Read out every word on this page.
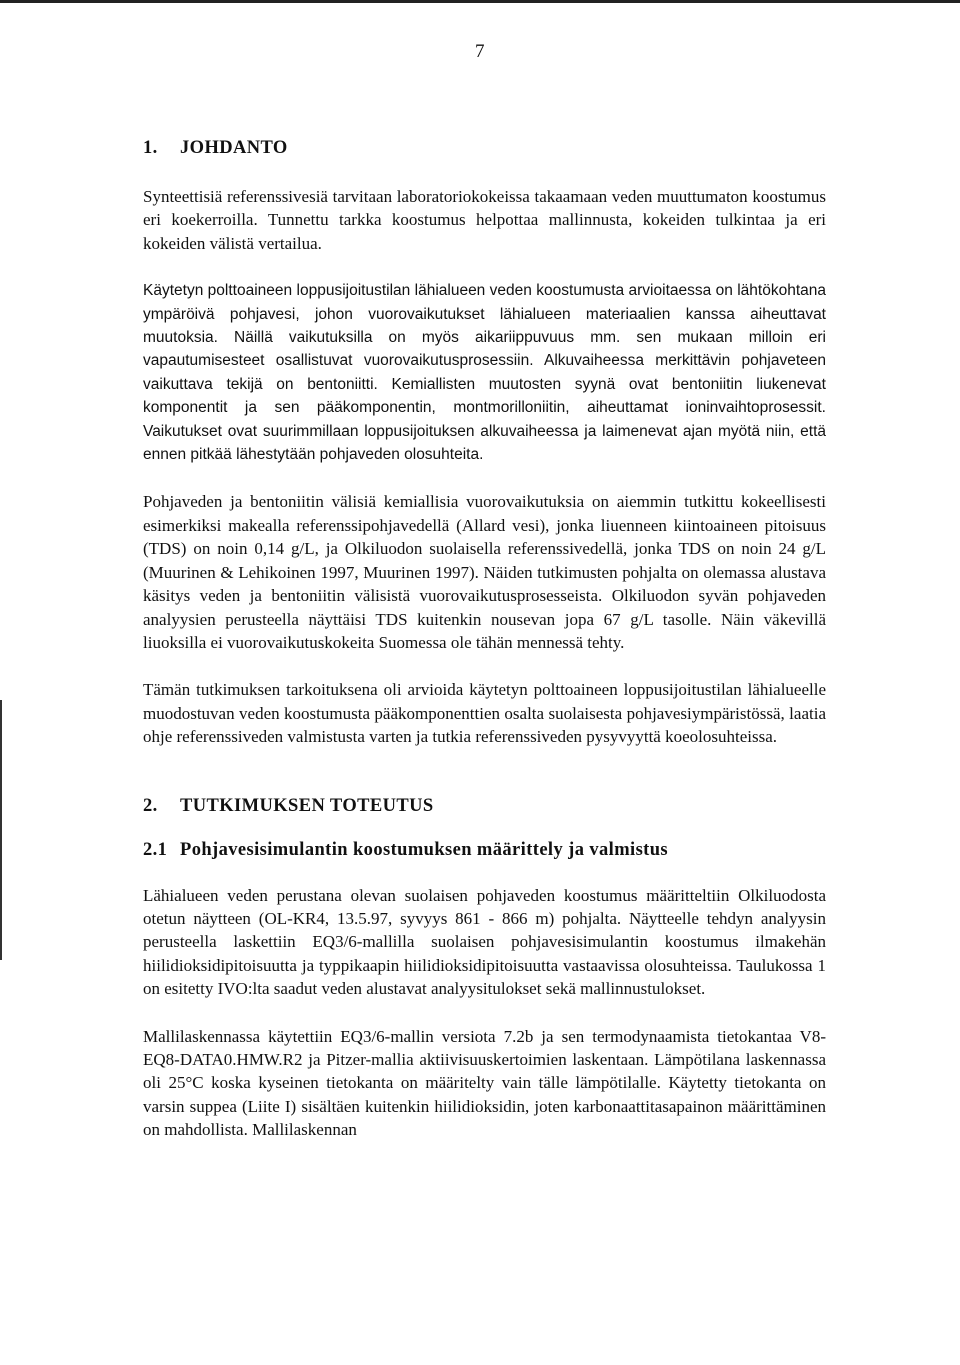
7
1. JOHDANTO

Synteettisiä referenssivesiä tarvitaan laboratoriokokeissa takaamaan veden muuttumaton koostumus eri koekerroilla. Tunnettu tarkka koostumus helpottaa mallinnusta, kokeiden tulkintaa ja eri kokeiden välistä vertailua.

Käytetyn polttoaineen loppusijoitustilan lähialueen veden koostumusta arvioitaessa on lähtökohtana ympäröivä pohjavesi, johon vuorovaikutukset lähialueen materiaalien kanssa aiheuttavat muutoksia. Näillä vaikutuksilla on myös aikariippuvuus mm. sen mukaan milloin eri vapautumisesteet osallistuvat vuorovaikutusprosessiin. Alkuvaiheessa merkittävin pohjaveteen vaikuttava tekijä on bentoniitti. Kemiallisten muutosten syynä ovat bentoniitin liukenevat komponentit ja sen pääkomponentin, montmorilloniitin, aiheuttamat ioninvaihtoprosessit. Vaikutukset ovat suurimmillaan loppusijoituksen alkuvaiheessa ja laimenevat ajan myötä niin, että ennen pitkää lähestytään pohjaveden olosuhteita.

Pohjaveden ja bentoniitin välisiä kemiallisia vuorovaikutuksia on aiemmin tutkittu kokeellisesti esimerkiksi makealla referenssipohjavedellä (Allard vesi), jonka liuenneen kiintoaineen pitoisuus (TDS) on noin 0,14 g/L, ja Olkiluodon suolaisella referenssivedellä, jonka TDS on noin 24 g/L (Muurinen & Lehikoinen 1997, Muurinen 1997). Näiden tutkimusten pohjalta on olemassa alustava käsitys veden ja bentoniitin välisistä vuorovaikutusprosesseista. Olkiluodon syvän pohjaveden analyysien perusteella näyttäisi TDS kuitenkin nousevan jopa 67 g/L tasolle. Näin väkevillä liuoksilla ei vuorovaikutuskokeita Suomessa ole tähän mennessä tehty.

Tämän tutkimuksen tarkoituksena oli arvioida käytetyn polttoaineen loppusijoitustilan lähialueelle muodostuvan veden koostumusta pääkomponenttien osalta suolaisesta pohjavesiympäristössä, laatia ohje referenssiveden valmistusta varten ja tutkia referenssiveden pysyvyyttä koeolosuhteissa.

2. TUTKIMUKSEN TOTEUTUS
2.1 Pohjavesisimulantin koostumuksen määrittely ja valmistus

Lähialueen veden perustana olevan suolaisen pohjaveden koostumus määritteltiin Olkiluodosta otetun näytteen (OL-KR4, 13.5.97, syvyys 861 - 866 m) pohjalta. Näytteelle tehdyn analyysin perusteella laskettiin EQ3/6-mallilla suolaisen pohjavesisimulantin koostumus ilmakehän hiilidioksidipitoisuutta ja typpikaapin hiilidioksidipitoisuutta vastaavissa olosuhteissa. Taulukossa 1 on esitetty IVO:lta saadut veden alustavat analyysitulokset sekä mallinnustulokset.

Mallilaskennassa käytettiin EQ3/6-mallin versiota 7.2b ja sen termodynaamista tietokantaa V8-EQ8-DATA0.HMW.R2 ja Pitzer-mallia aktiivisuuskertoimien laskentaan. Lämpötilana laskennassa oli 25°C koska kyseinen tietokanta on määritelty vain tälle lämpötilalle. Käytetty tietokanta on varsin suppea (Liite I) sisältäen kuitenkin hiilidioksidin, joten karbonaattitasapainon määrittäminen on mahdollista. Mallilaskennan
